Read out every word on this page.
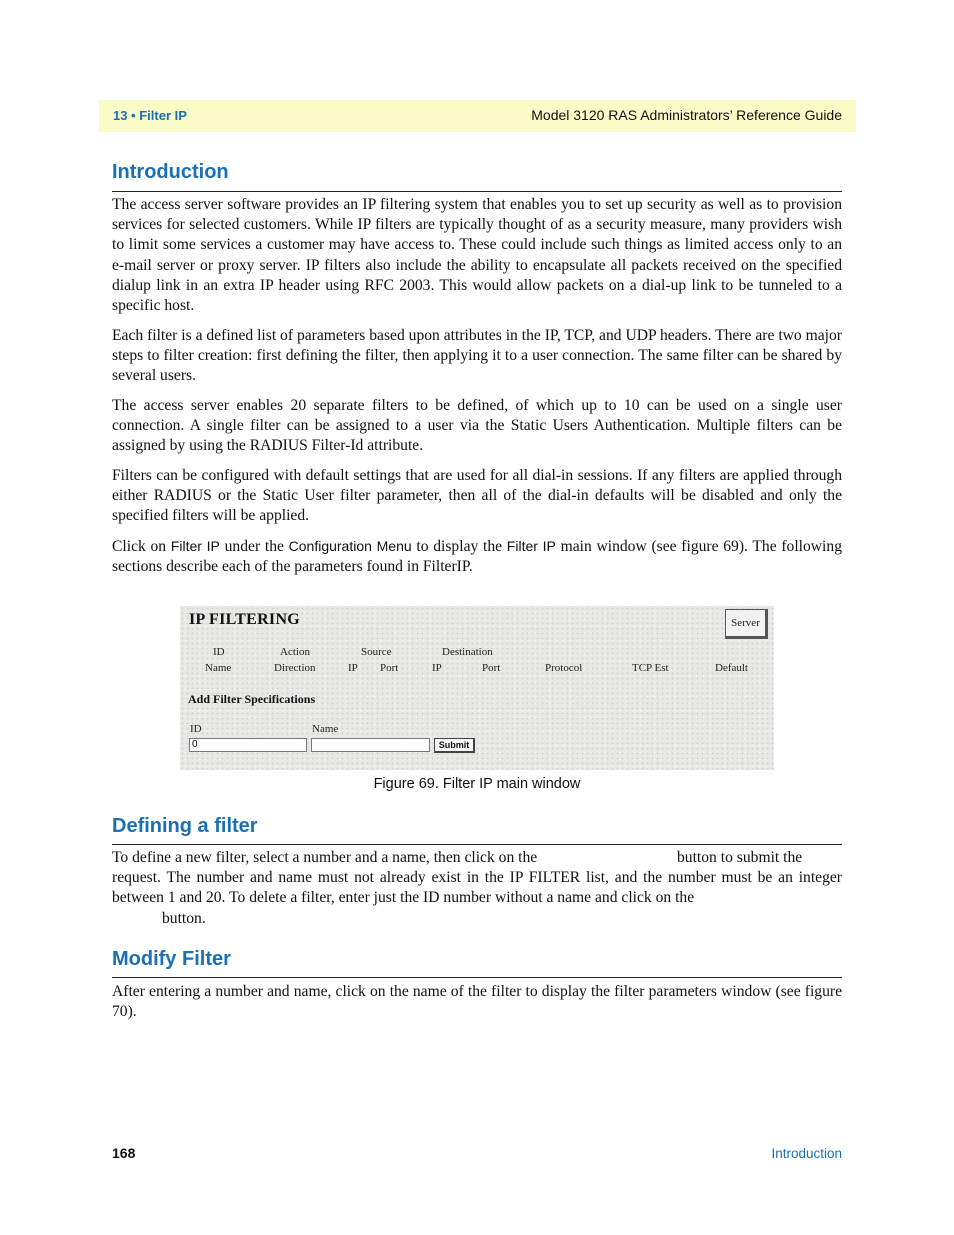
13 • Filter IP	Model 3120 RAS Administrators’ Reference Guide
Introduction

The access server software provides an IP filtering system that enables you to set up security as well as to provision services for selected customers. While IP filters are typically thought of as a security measure, many providers wish to limit some services a customer may have access to. These could include such things as limited access only to an e-mail server or proxy server. IP filters also include the ability to encapsulate all packets received on the specified dialup link in an extra IP header using RFC 2003. This would allow packets on a dial-up link to be tunneled to a specific host.

Each filter is a defined list of parameters based upon attributes in the IP, TCP, and UDP headers. There are two major steps to filter creation: first defining the filter, then applying it to a user connection. The same filter can be shared by several users.

The access server enables 20 separate filters to be defined, of which up to 10 can be used on a single user connection. A single filter can be assigned to a user via the Static Users Authentication. Multiple filters can be assigned by using the RADIUS Filter-Id attribute.

Filters can be configured with default settings that are used for all dial-in sessions. If any filters are applied through either RADIUS or the Static User filter parameter, then all of the dial-in defaults will be disabled and only the specified filters will be applied.

Click on Filter IP under the Configuration Menu to display the Filter IP main window (see figure 69). The following sections describe each of the parameters found in FilterIP.

IP FILTERING	Server
ID	Action	Source	Destination
Name	Direction	IP Port	IP	Port	Protocol	TCP Est	Default
Add Filter Specifications
ID	Name
0	Submit
Figure 69. Filter IP main window
Defining a filter
To define a new filter, select a number and a name, then click on the	button to submit the

request. The number and name must not already exist in the IP FILTER list, and the number must be an integer between 1 and 20. To delete a filter, enter just the ID number without a name and click on the

button.

Modify Filter

After entering a number and name, click on the name of the filter to display the filter parameters window (see figure 70).

168	Introduction
